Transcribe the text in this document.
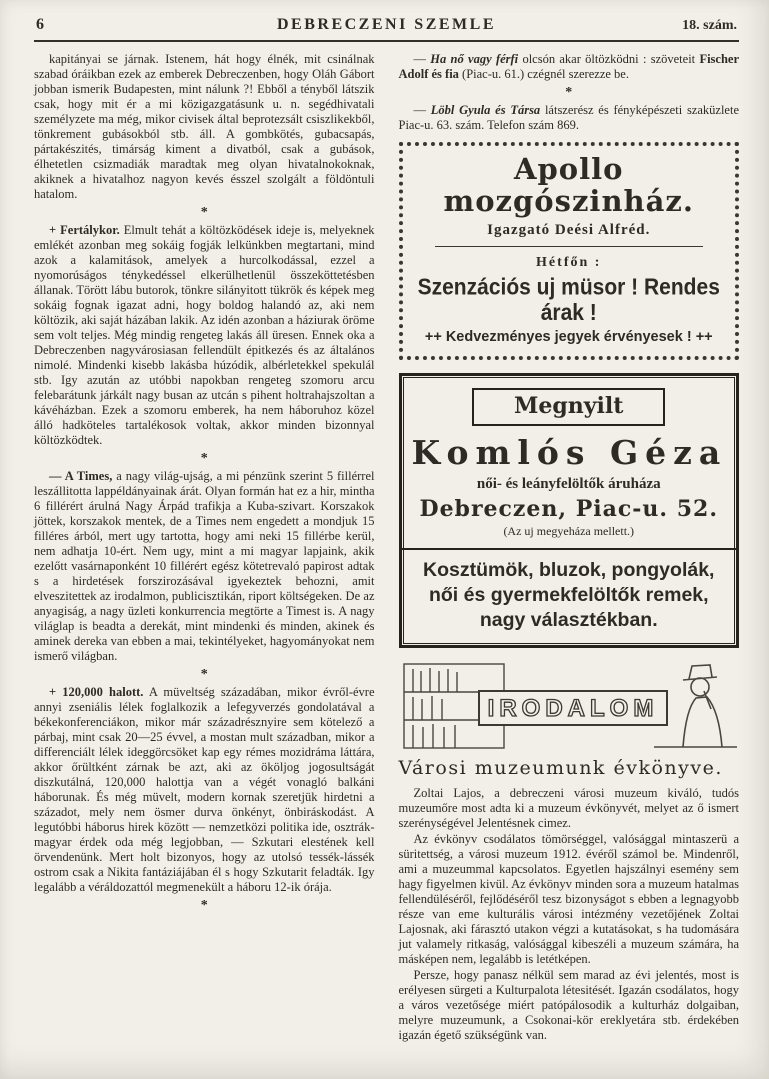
6	DEBRECZENI SZEMLE	18. szám.

kapitányai se járnak. Istenem, hát hogy élnék, mit csinálnak szabad óráikban ezek az emberek Debreczenben, hogy Oláh Gábort jobban ismerik Budapesten, mint nálunk ?! Ebből a tényből látszik csak, hogy mit ér a mi közigazgatásunk u. n. segédhivatali személyzete ma még, mikor civisek által beprotezsált csiszlikekből, tönkrement gubásokból stb. áll. A gombkötés, gubacsapás, pártakészités, timárság kiment a divatból, csak a gubások, élhetetlen csizmadiák maradtak meg olyan hivatalnokoknak, akiknek a hivatalhoz nagyon kevés ésszel szolgált a földöntuli hatalom.

*

+ Fertálykor. Elmult tehát a költözködések ideje is, melyeknek emlékét azonban meg sokáig fogják lelkünkben megtartani, mind azok a kalamitások, amelyek a hurcolkodással, ezzel a nyomorúságos ténykedéssel elkerülhetlenül összeköttetésben állanak. Törött lábu butorok, tönkre silányitott tükrök és képek meg sokáig fognak igazat adni, hogy boldog halandó az, aki nem költözik, aki saját házában lakik. Az idén azonban a háziurak öröme sem volt teljes. Még mindig rengeteg lakás áll üresen. Ennek oka a Debreczenben nagyvárosiasan fellendült épitkezés és az általános nimolé. Mindenki kisebb lakásba húzódik, albérletekkel spekulál stb. Igy azután az utóbbi napokban rengeteg szomoru arcu felebarátunk járkált nagy busan az utcán s pihent holtrahajszoltan a kávéházban. Ezek a szomoru emberek, ha nem háboruhoz közel álló hadköteles tartalékosok voltak, akkor minden bizonnyal költözködtek.

*

— A Times, a nagy világ-ujság, a mi pénzünk szerint 5 fillérrel leszállitotta lappéldányainak árát. Olyan formán hat ez a hir, mintha 6 fillérért árulná Nagy Árpád trafikja a Kuba-szivart. Korszakok jöttek, korszakok mentek, de a Times nem engedett a mondjuk 15 filléres árból, mert ugy tartotta, hogy ami neki 15 fillérbe kerül, nem adhatja 10-ért. Nem ugy, mint a mi magyar lapjaink, akik ezelőtt vasárnaponként 10 fillérért egész kötetrevaló papirost adtak s a hirdetések forszirozásával igyekeztek behozni, amit elveszitettek az irodalmon, publicisztikán, riport költségeken. De az anyagiság, a nagy üzleti konkurrencia megtörte a Timest is. A nagy világlap is beadta a derekát, mint mindenki és minden, akinek és aminek dereka van ebben a mai, tekintélyeket, hagyományokat nem ismerő világban.

*

+ 120,000 halott. A müveltség századában, mikor évről-évre annyi zseniális lélek foglalkozik a lefegyverzés gondolatával a békekonferenciákon, mikor már századrésznyire sem kötelező a párbaj, mint csak 20—25 évvel, a mostan mult században, mikor a differenciált lélek ideggörcsöket kap egy rémes mozidráma láttára, akkor őrültként zárnak be azt, aki az ököljog jogosultságát diszkutálná, 120,000 halottja van a végét vonagló balkáni háborunak. És még müvelt, modern kornak szeretjük hirdetni a századot, mely nem ösmer durva önkényt, önbiráskodást. A legutóbbi háborus hirek között — nemzetközi politika ide, osztrák-magyar érdek oda még legjobban, — Szkutari elestének kell örvendenünk. Mert holt bizonyos, hogy az utolsó tessék-lássék ostrom csak a Nikita fantáziájában él s hogy Szkutarit feladták. Igy legalább a véráldozattól megmenekült a háboru 12-ik órája.

*

— Ha nő vagy férfi olcsón akar öltözködni : szöveteit Fischer Adolf és fia (Piac-u. 61.) czégnél szerezze be.

*

— Löbl Gyula és Társa látszerész és fényképészeti szaküzlete Piac-u. 63. szám. Telefon szám 869.

Apollo mozgószinház.
Igazgató Deési Alfréd.
Hétfőn :
Szenzációs uj müsor ! Rendes árak !
++ Kedvezményes jegyek érvényesek ! ++
Megnyilt
Komlós Géza
női- és leányfelöltők áruháza
Debreczen, Piac-u. 52.
(Az uj megyeháza mellett.)
Kosztümök, bluzok, pongyolák, női és gyermekfelöltők remek, nagy választékban.
IRODALOM
Városi muzeumunk évkönyve.

Zoltai Lajos, a debreczeni városi muzeum kiváló, tudós muzeumőre most adta ki a muzeum évkönyvét, melyet az ő ismert szerénységével Jelentésnek cimez.

Az évkönyv csodálatos tömörséggel, valósággal mintaszerü a süritettség, a városi muzeum 1912. évéről számol be. Mindenről, ami a muzeummal kapcsolatos. Egyetlen hajszálnyi esemény sem hagy figyelmen kivül. Az évkönyv minden sora a muzeum hatalmas fellendüléséről, fejlődéséről tesz bizonyságot s ebben a legnagyobb része van eme kulturális városi intézmény vezetőjének Zoltai Lajosnak, aki fárasztó utakon végzi a kutatásokat, s ha tudomására jut valamely ritkaság, valósággal kibeszéli a muzeum számára, ha másképen nem, legalább is letétképen.

Persze, hogy panasz nélkül sem marad az évi jelentés, most is erélyesen sürgeti a Kulturpalota létesitését. Igazán csodálatos, hogy a város vezetősége miért patópálosodik a kulturház dolgaiban, melyre muzeumunk, a Csokonai-kör ereklyetára stb. érdekében igazán égető szükségünk van.
